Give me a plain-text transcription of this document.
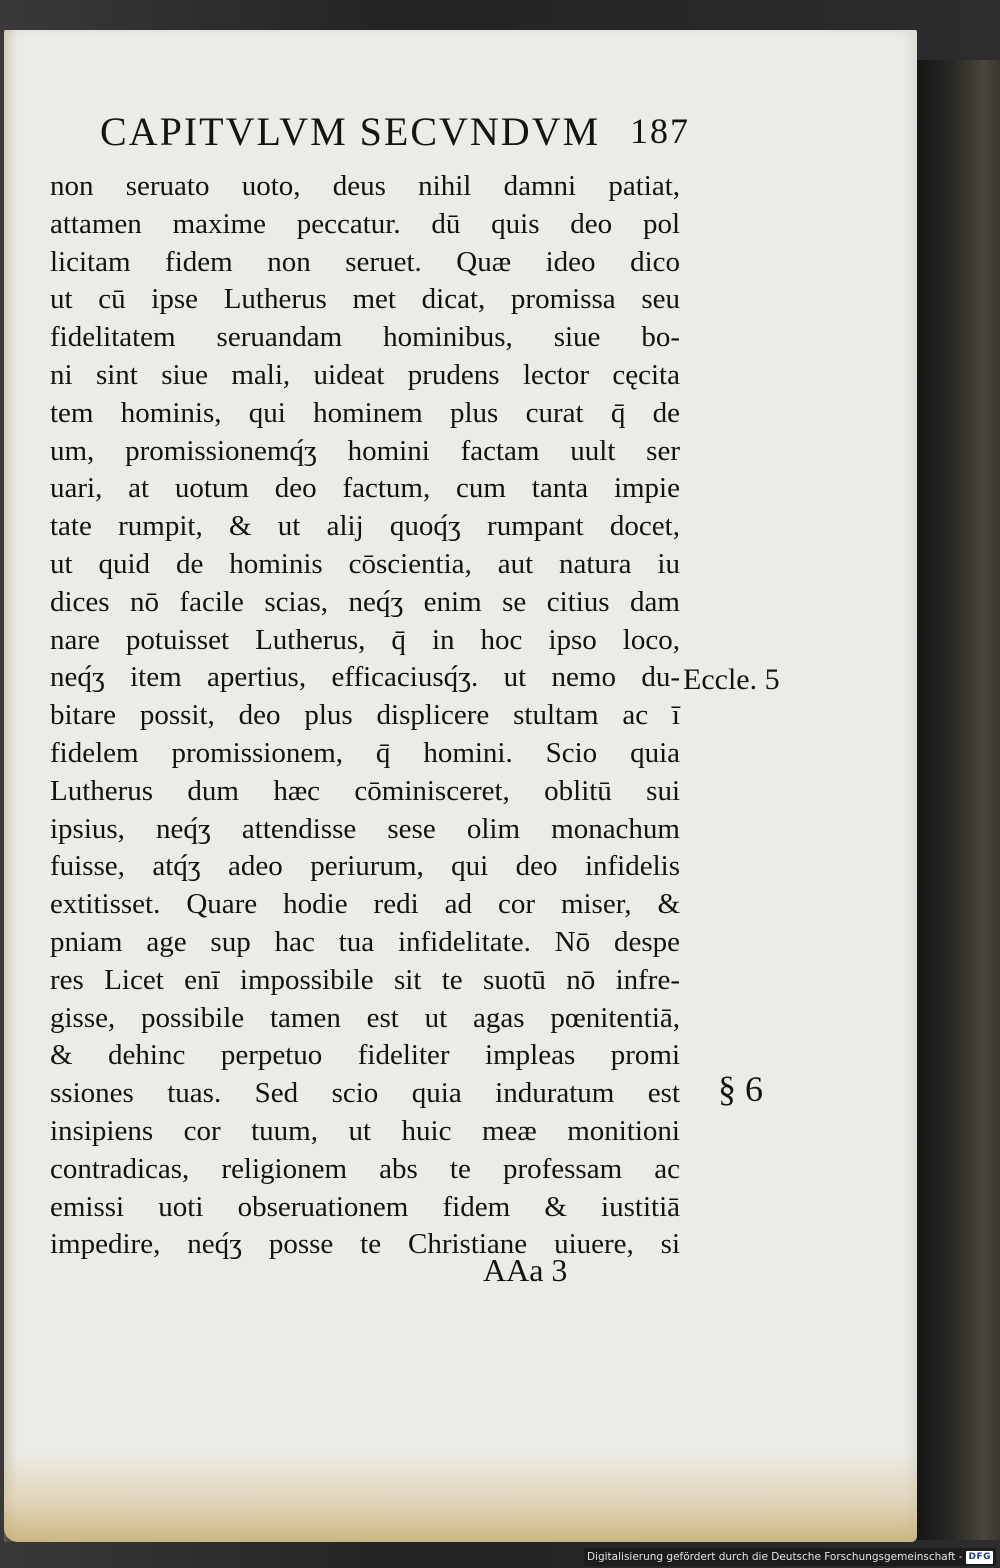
CAPITVLVM SECVNDVM 187
non seruato uoto, deus nihil damni patiat,
attamen maxime peccatur. dū quis deo pol
licitam fidem non seruet. Quæ ideo dico
ut cū ipse Lutherus met dicat, promissa seu
fidelitatem seruandam hominibus, siue bo-
ni sint siue mali, uideat prudens lector cęcita
tem hominis, qui hominem plus curat q̄ de
um, promissionemq́ʒ homini factam uult ser
uari, at uotum deo factum, cum tanta impie
tate rumpit, & ut alij quoq́ʒ rumpant docet,
ut quid de hominis cōscientia, aut natura iu
dices nō facile scias, neq́ʒ enim se citius dam
nare potuisset Lutherus, q̄ in hoc ipso loco,
neq́ʒ item apertius, efficaciusq́ʒ. ut nemo du-
bitare possit, deo plus displicere stultam ac ī
fidelem promissionem, q̄ homini. Scio quia
Lutherus dum hæc cōminisceret, oblitū sui
ipsius, neq́ʒ attendisse sese olim monachum
fuisse, atq́ʒ adeo periurum, qui deo infidelis
extitisset. Quare hodie redi ad cor miser, &
pniam age sup hac tua infidelitate. Nō despe
res Licet enī impossibile sit te suotū nō infre-
gisse, possibile tamen est ut agas pœnitentiā,
& dehinc perpetuo fideliter impleas promi
ssiones tuas. Sed scio quia induratum est
insipiens cor tuum, ut huic meæ monitioni
contradicas, religionem abs te professam ac
emissi uoti obseruationem fidem & iustitiā
impedire, neq́ʒ posse te Christiane uiuere, si
Eccle. 5
§ 6
AAa 3
Digitalisierung gefördert durch die Deutsche Forschungsgemeinschaft - DFG
